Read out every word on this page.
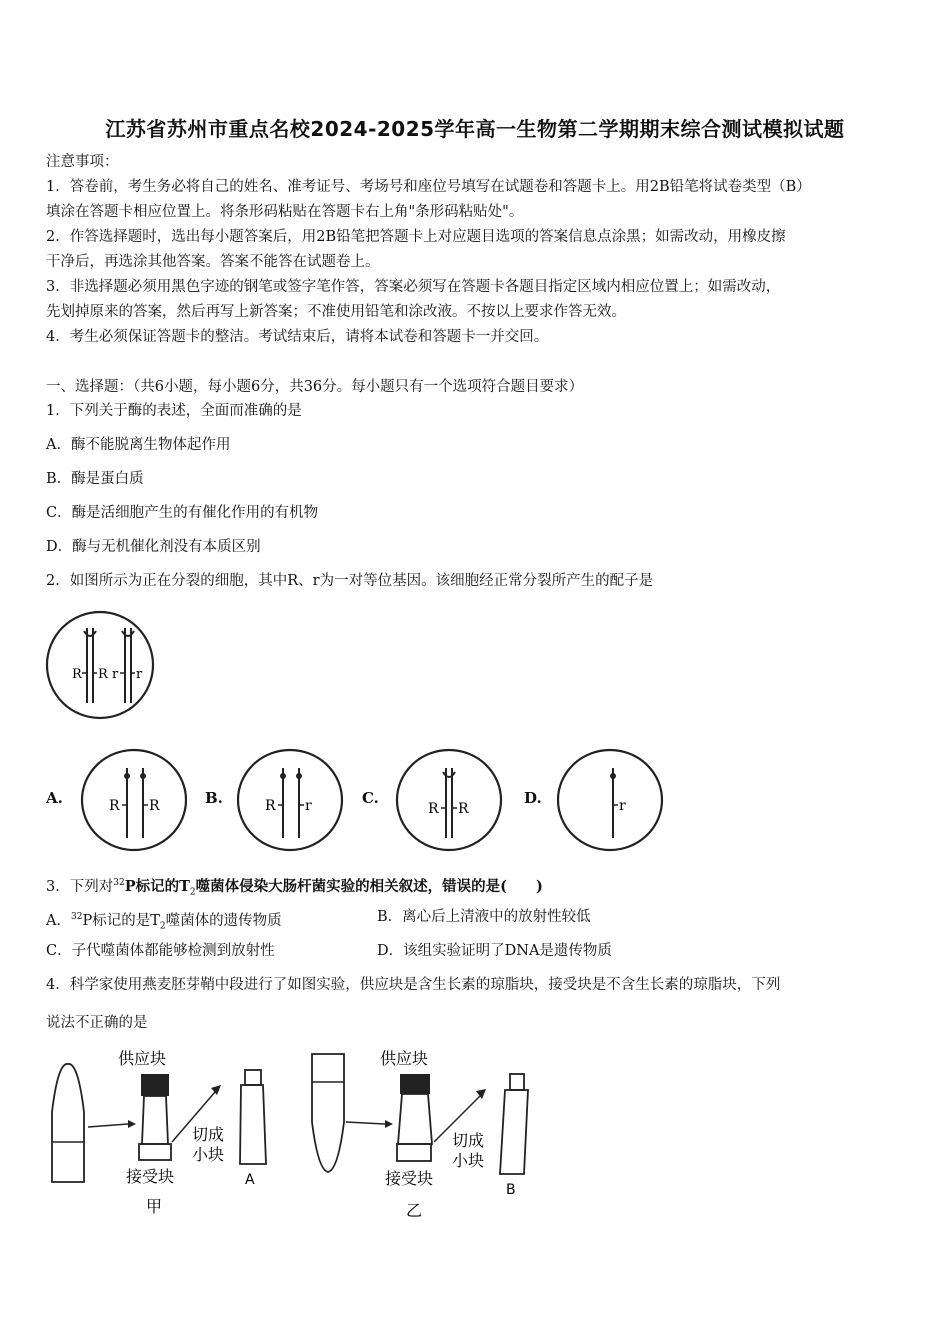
江苏省苏州市重点名校2024-2025学年高一生物第二学期期末综合测试模拟试题
注意事项：
1．答卷前，考生务必将自己的姓名、准考证号、考场号和座位号填写在试题卷和答题卡上。用2B铅笔将试卷类型（B）
填涂在答题卡相应位置上。将条形码粘贴在答题卡右上角"条形码粘贴处"。
2．作答选择题时，选出每小题答案后，用2B铅笔把答题卡上对应题目选项的答案信息点涂黑；如需改动，用橡皮擦
干净后，再选涂其他答案。答案不能答在试题卷上。
3．非选择题必须用黑色字迹的钢笔或签字笔作答，答案必须写在答题卡各题目指定区域内相应位置上；如需改动，
先划掉原来的答案，然后再写上新答案；不准使用铅笔和涂改液。不按以上要求作答无效。
4．考生必须保证答题卡的整洁。考试结束后，请将本试卷和答题卡一并交回。
一、选择题：（共6小题，每小题6分，共36分。每小题只有一个选项符合题目要求）
1．下列关于酶的表述，全面而准确的是
A．酶不能脱离生物体起作用
B．酶是蛋白质
C．酶是活细胞产生的有催化作用的有机物
D．酶与无机催化剂没有本质区别
2．如图所示为正在分裂的细胞，其中R、r为一对等位基因。该细胞经正常分裂所产生的配子是
R R r r
A.	R R	B.	R r	C.
R R
D.	r
3．下列对$^{32}$P标记的$T_2$噬菌体侵染大肠杆菌实验的相关叙述，错误的是(　　)
A．$^{32}$P标记的是$T_2$噬菌体的遗传物质	B．离心后上清液中的放射性较低
C．子代噬菌体都能够检测到放射性	D．该组实验证明了DNA是遗传物质
4．科学家使用燕麦胚芽鞘中段进行了如图实验，供应块是含生长素的琼脂块，接受块是不含生长素的琼脂块，下列
说法不正确的是
供应块
切成
小块
接受块
甲
A
供应块
切成
小块
接受块
乙
B
